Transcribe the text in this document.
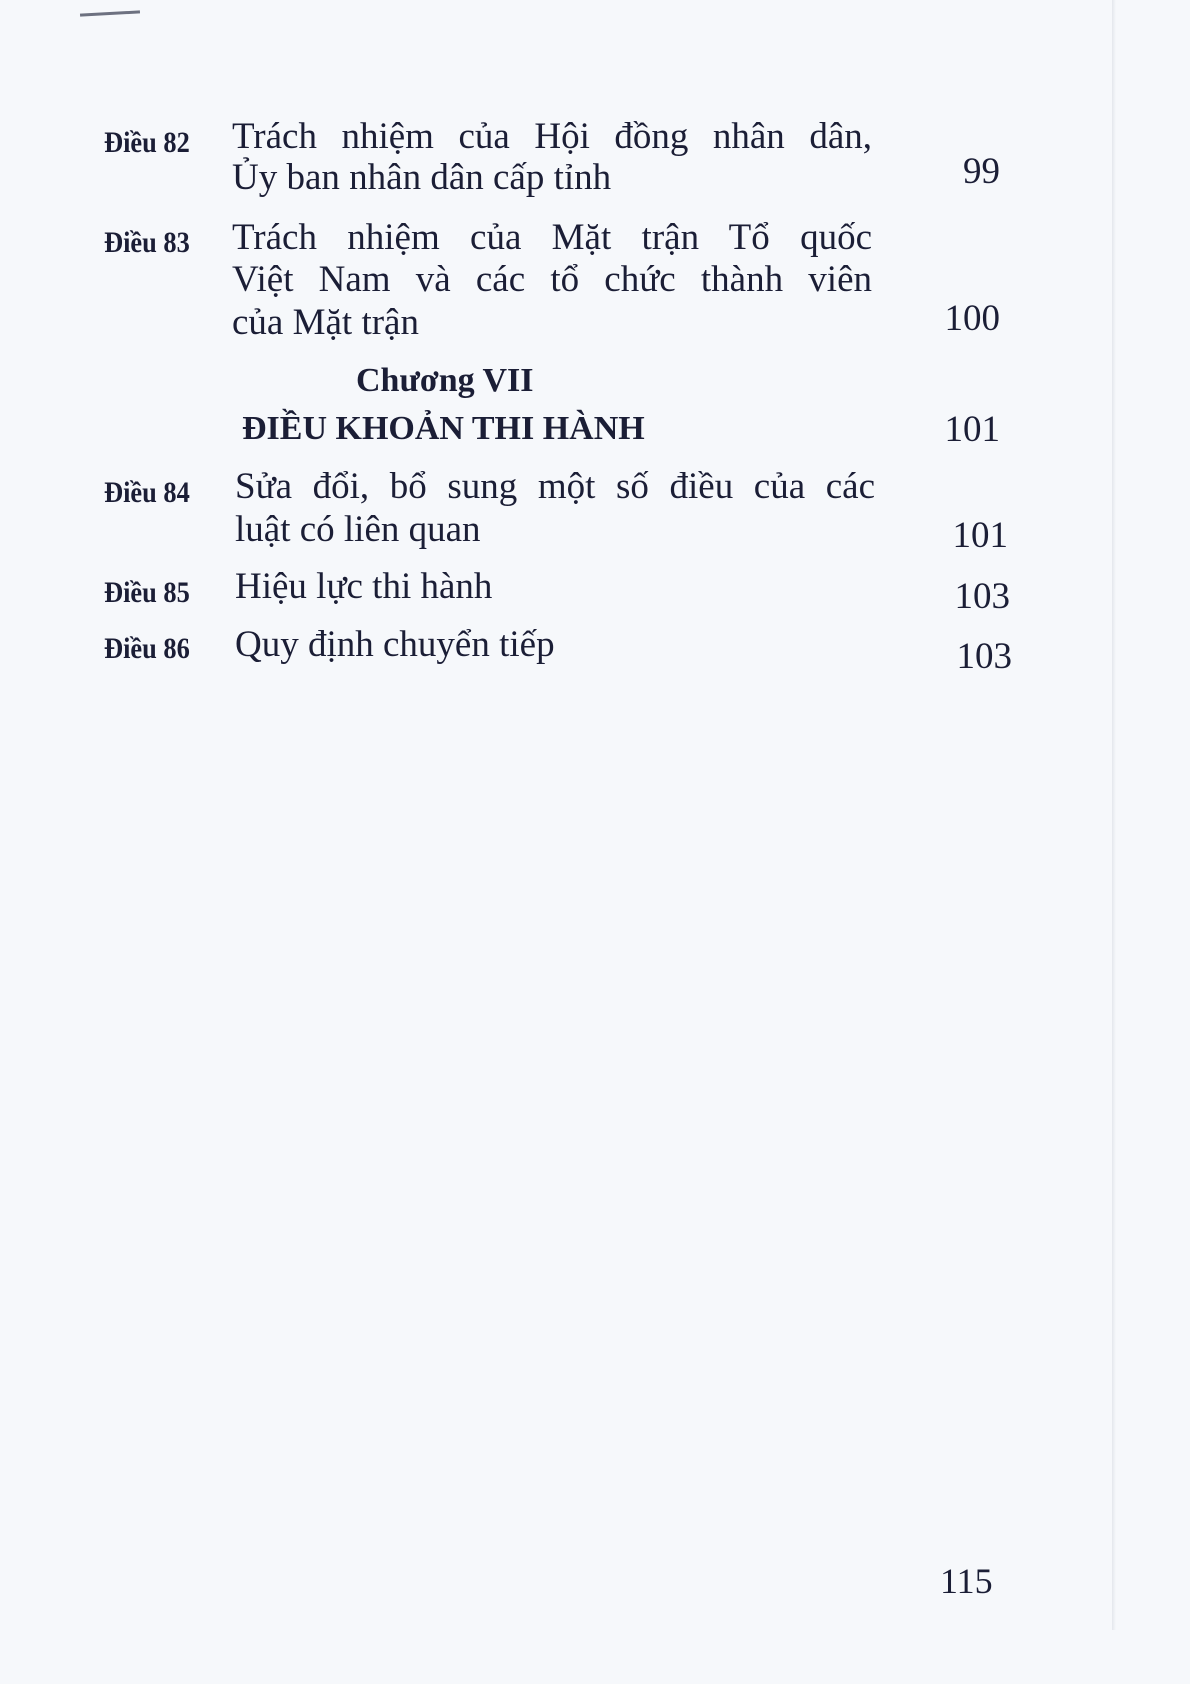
Điều 82 Trách nhiệm của Hội đồng nhân dân,
Ủy ban nhân dân cấp tỉnh	99
Điều 83 Trách nhiệm của Mặt trận Tổ quốc
Việt Nam và các tổ chức thành viên
của Mặt trận	100
Chương VII
ĐIỀU KHOẢN THI HÀNH	101
Điều 84 Sửa đổi, bổ sung một số điều của các
luật có liên quan	101
Điều 85 Hiệu lực thi hành	103
Điều 86 Quy định chuyển tiếp	103
115
